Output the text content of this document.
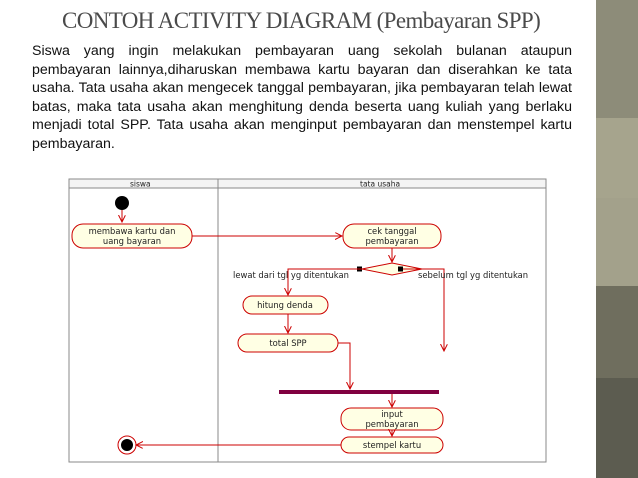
CONTOH ACTIVITY DIAGRAM (Pembayaran SPP)

Siswa yang ingin melakukan pembayaran uang sekolah bulanan ataupun pembayaran lainnya,diharuskan membawa kartu bayaran dan diserahkan ke tata usaha. Tata usaha akan mengecek tanggal pembayaran, jika pembayaran telah lewat batas, maka tata usaha akan menghitung denda beserta uang kuliah yang berlaku menjadi total SPP. Tata usaha akan menginput pembayaran dan menstempel kartu pembayaran.

siswa	tata usaha
membawa kartu dan
uang bayaran
cek tanggal
pembayaran
lewat dari tgl yg ditentukan	sebelum tgl yg ditentukan
hitung denda
total SPP
input
pembayaran
stempel kartu
